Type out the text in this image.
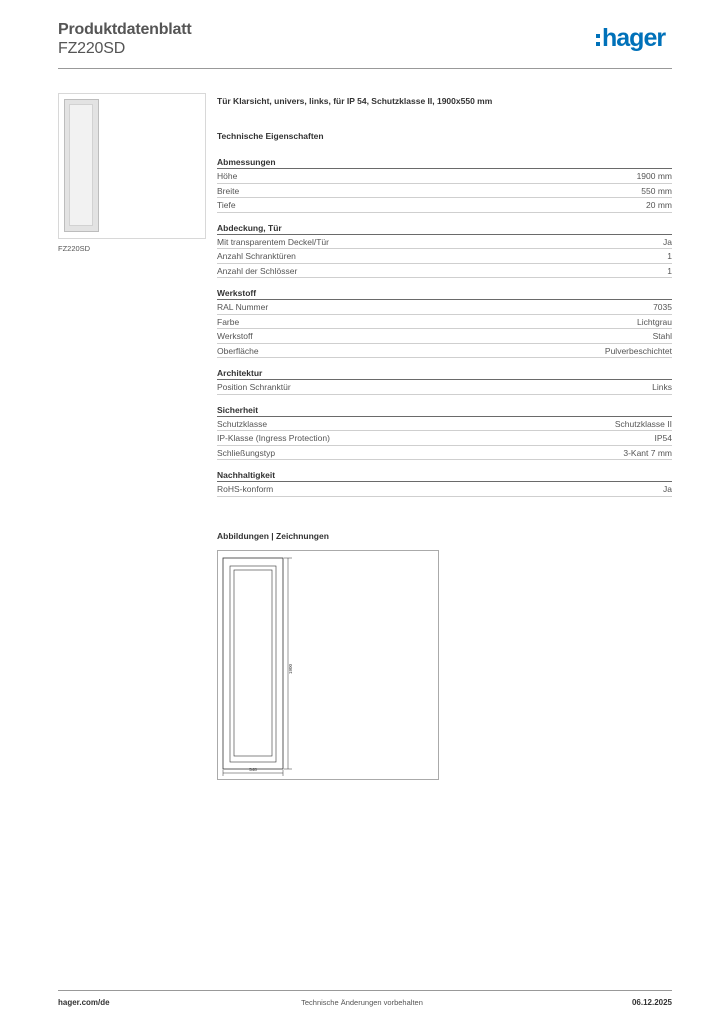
Produktdatenblatt
FZ220SD	hager
FZ220SD
Tür Klarsicht, univers, links, für IP 54, Schutzklasse II, 1900x550 mm
Technische Eigenschaften
Abmessungen
Höhe	1900 mm
Breite	550 mm
Tiefe	20 mm
Abdeckung, Tür
Mit transparentem Deckel/Tür	Ja
Anzahl Schranktüren	1
Anzahl der Schlösser	1
Werkstoff
RAL Nummer	7035
Farbe	Lichtgrau
Werkstoff	Stahl
Oberfläche	Pulverbeschichtet
Architektur
Position Schranktür	Links
Sicherheit
Schutzklasse	Schutzklasse II
IP-Klasse (Ingress Protection)	IP54
Schließungstyp	3-Kant 7 mm
Nachhaltigkeit
RoHS-konform	Ja
Abbildungen | Zeichnungen
1900
548
hager.com/de	Technische Änderungen vorbehalten	06.12.2025
